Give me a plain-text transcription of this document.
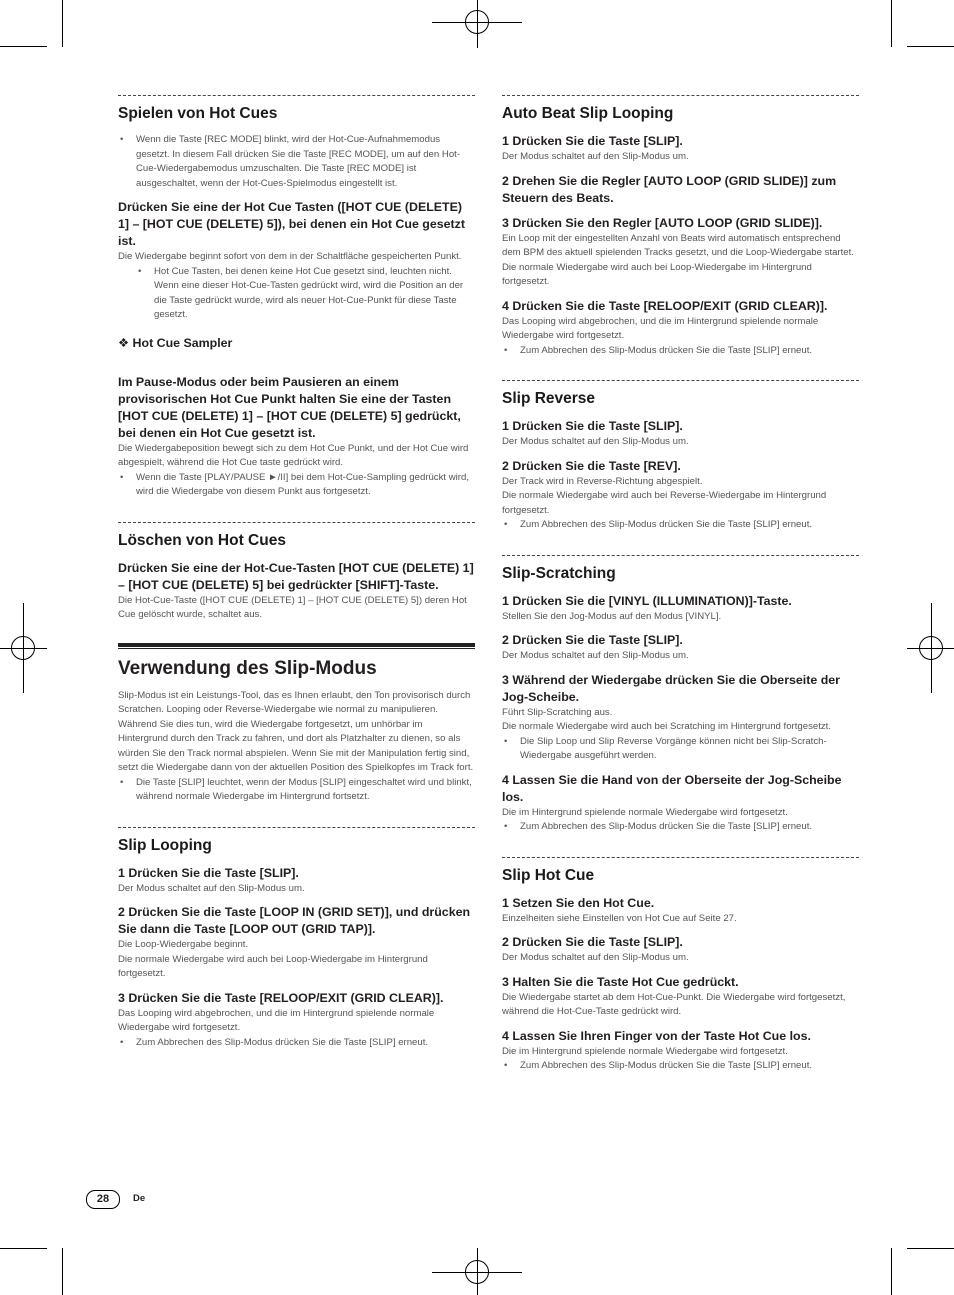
Spielen von Hot Cues
• Wenn die Taste [REC MODE] blinkt, wird der Hot-Cue-Aufnahmemodus gesetzt. In diesem Fall drücken Sie die Taste [REC MODE], um auf den Hot-Cue-Wiedergabemodus umzuschalten. Die Taste [REC MODE] ist ausgeschaltet, wenn der Hot-Cues-Spielmodus eingestellt ist.
Drücken Sie eine der Hot Cue Tasten ([HOT CUE (DELETE) 1] – [HOT CUE (DELETE) 5]), bei denen ein Hot Cue gesetzt ist.
Die Wiedergabe beginnt sofort von dem in der Schaltfläche gespeicherten Punkt.
• Hot Cue Tasten, bei denen keine Hot Cue gesetzt sind, leuchten nicht. Wenn eine dieser Hot-Cue-Tasten gedrückt wird, wird die Position an der die Taste gedrückt wurde, wird als neuer Hot-Cue-Punkt für diese Taste gesetzt.
❖ Hot Cue Sampler
Im Pause-Modus oder beim Pausieren an einem provisorischen Hot Cue Punkt halten Sie eine der Tasten [HOT CUE (DELETE) 1] – [HOT CUE (DELETE) 5] gedrückt, bei denen ein Hot Cue gesetzt ist.
Die Wiedergabeposition bewegt sich zu dem Hot Cue Punkt, und der Hot Cue wird abgespielt, während die Hot Cue taste gedrückt wird.
• Wenn die Taste [PLAY/PAUSE ►/II] bei dem Hot-Cue-Sampling gedrückt wird, wird die Wiedergabe von diesem Punkt aus fortgesetzt.
Löschen von Hot Cues
Drücken Sie eine der Hot-Cue-Tasten [HOT CUE (DELETE) 1] – [HOT CUE (DELETE) 5] bei gedrückter [SHIFT]-Taste.
Die Hot-Cue-Taste ([HOT CUE (DELETE) 1] – [HOT CUE (DELETE) 5]) deren Hot Cue gelöscht wurde, schaltet aus.
Verwendung des Slip-Modus
Slip-Modus ist ein Leistungs-Tool, das es Ihnen erlaubt, den Ton provisorisch durch Scratchen. Looping oder Reverse-Wiedergabe wie normal zu manipulieren. Während Sie dies tun, wird die Wiedergabe fortgesetzt, um unhörbar im Hintergrund durch den Track zu fahren, und dort als Platzhalter zu dienen, so als würden Sie den Track normal abspielen. Wenn Sie mit der Manipulation fertig sind, setzt die Wiedergabe dann von der aktuellen Position des Spielkopfes im Track fort.
• Die Taste [SLIP] leuchtet, wenn der Modus [SLIP] eingeschaltet wird und blinkt, während normale Wiedergabe im Hintergrund fortsetzt.
Slip Looping
1 Drücken Sie die Taste [SLIP].
Der Modus schaltet auf den Slip-Modus um.
2 Drücken Sie die Taste [LOOP IN (GRID SET)], und drücken Sie dann die Taste [LOOP OUT (GRID TAP)].
Die Loop-Wiedergabe beginnt.
Die normale Wiedergabe wird auch bei Loop-Wiedergabe im Hintergrund fortgesetzt.
3 Drücken Sie die Taste [RELOOP/EXIT (GRID CLEAR)].
Das Looping wird abgebrochen, und die im Hintergrund spielende normale Wiedergabe wird fortgesetzt.
• Zum Abbrechen des Slip-Modus drücken Sie die Taste [SLIP] erneut.
Auto Beat Slip Looping
1 Drücken Sie die Taste [SLIP].
Der Modus schaltet auf den Slip-Modus um.
2 Drehen Sie die Regler [AUTO LOOP (GRID SLIDE)] zum Steuern des Beats.
3 Drücken Sie den Regler [AUTO LOOP (GRID SLIDE)].
Ein Loop mit der eingestellten Anzahl von Beats wird automatisch entsprechend dem BPM des aktuell spielenden Tracks gesetzt, und die Loop-Wiedergabe startet.
Die normale Wiedergabe wird auch bei Loop-Wiedergabe im Hintergrund fortgesetzt.
4 Drücken Sie die Taste [RELOOP/EXIT (GRID CLEAR)].
Das Looping wird abgebrochen, und die im Hintergrund spielende normale Wiedergabe wird fortgesetzt.
• Zum Abbrechen des Slip-Modus drücken Sie die Taste [SLIP] erneut.
Slip Reverse
1 Drücken Sie die Taste [SLIP].
Der Modus schaltet auf den Slip-Modus um.
2 Drücken Sie die Taste [REV].
Der Track wird in Reverse-Richtung abgespielt.
Die normale Wiedergabe wird auch bei Reverse-Wiedergabe im Hintergrund fortgesetzt.
• Zum Abbrechen des Slip-Modus drücken Sie die Taste [SLIP] erneut.
Slip-Scratching
1 Drücken Sie die [VINYL (ILLUMINATION)]-Taste.
Stellen Sie den Jog-Modus auf den Modus [VINYL].
2 Drücken Sie die Taste [SLIP].
Der Modus schaltet auf den Slip-Modus um.
3 Während der Wiedergabe drücken Sie die Oberseite der Jog-Scheibe.
Führt Slip-Scratching aus.
Die normale Wiedergabe wird auch bei Scratching im Hintergrund fortgesetzt.
• Die Slip Loop und Slip Reverse Vorgänge können nicht bei Slip-Scratch-Wiedergabe ausgeführt werden.
4 Lassen Sie die Hand von der Oberseite der Jog-Scheibe los.
Die im Hintergrund spielende normale Wiedergabe wird fortgesetzt.
• Zum Abbrechen des Slip-Modus drücken Sie die Taste [SLIP] erneut.
Slip Hot Cue
1 Setzen Sie den Hot Cue.
Einzelheiten siehe Einstellen von Hot Cue auf Seite 27.
2 Drücken Sie die Taste [SLIP].
Der Modus schaltet auf den Slip-Modus um.
3 Halten Sie die Taste Hot Cue gedrückt.
Die Wiedergabe startet ab dem Hot-Cue-Punkt. Die Wiedergabe wird fortgesetzt, während die Hot-Cue-Taste gedrückt wird.
4 Lassen Sie Ihren Finger von der Taste Hot Cue los.
Die im Hintergrund spielende normale Wiedergabe wird fortgesetzt.
• Zum Abbrechen des Slip-Modus drücken Sie die Taste [SLIP] erneut.
28	De
